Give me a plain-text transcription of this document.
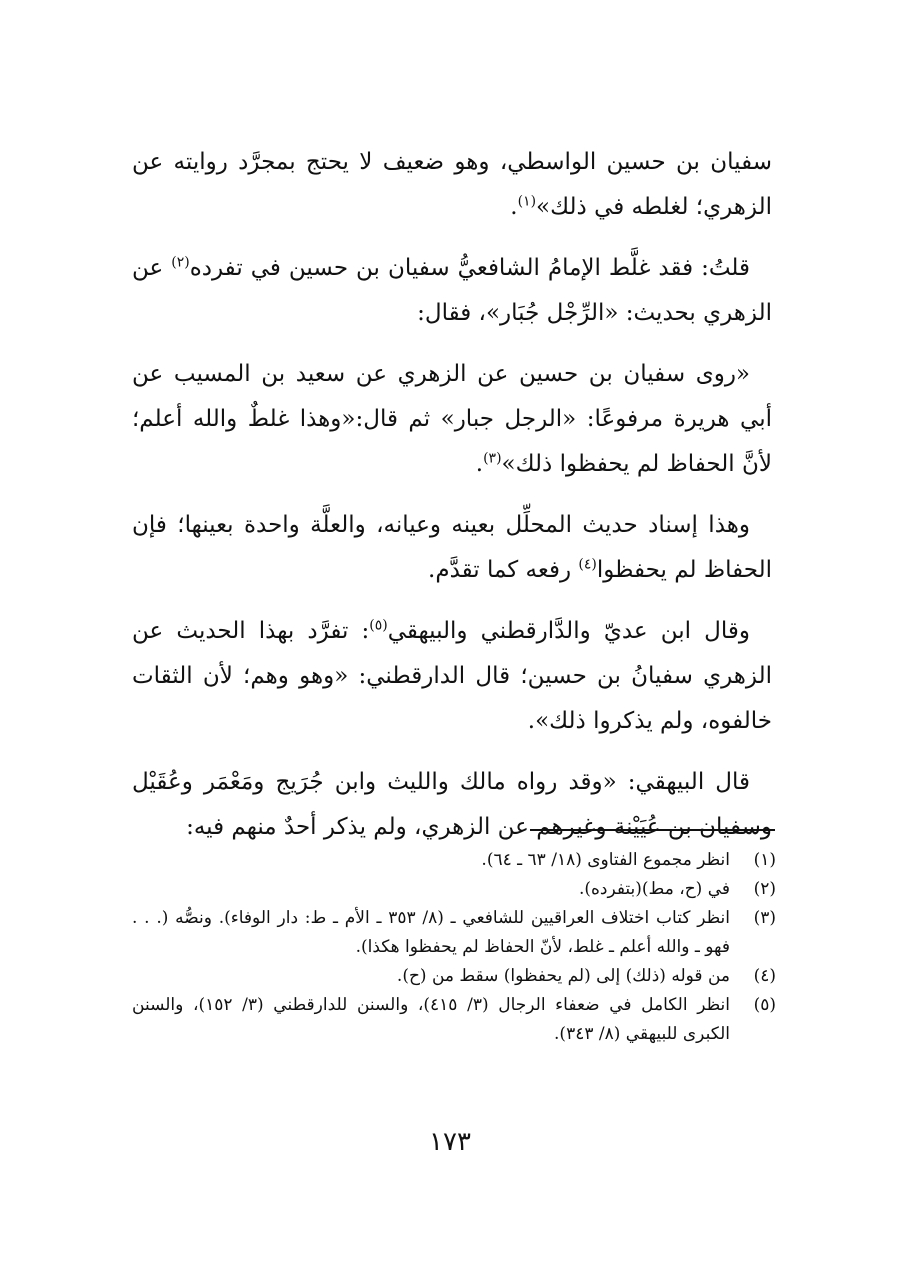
سفيان بن حسين الواسطي، وهو ضعيف لا يحتج بمجرَّد روايته عن الزهري؛ لغلطه في ذلك»$^{(١)}$.

قلتُ: فقد غلَّط الإمامُ الشافعيُّ سفيان بن حسين في تفرده$^{(٢)}$ عن الزهري بحديث: «الرِّجْل جُبَار»، فقال:

«روى سفيان بن حسين عن الزهري عن سعيد بن المسيب عن أبي هريرة مرفوعًا: «الرجل جبار» ثم قال:«وهذا غلطٌ والله أعلم؛ لأنَّ الحفاظ لم يحفظوا ذلك»$^{(٣)}$.

وهذا إسناد حديث المحلِّل بعينه وعيانه، والعلَّة واحدة بعينها؛ فإن الحفاظ لم يحفظوا$^{(٤)}$ رفعه كما تقدَّم.

وقال ابن عديّ والدَّارقطني والبيهقي$^{(٥)}$: تفرَّد بهذا الحديث عن الزهري سفيانُ بن حسين؛ قال الدارقطني: «وهو وهم؛ لأن الثقات خالفوه، ولم يذكروا ذلك».

قال البيهقي: «وقد رواه مالك والليث وابن جُرَيج ومَعْمَر وعُقَيْل وسفيان بن عُيَيْنة وغيرهم عن الزهري، ولم يذكر أحدٌ منهم فيه:

(١)
انظر مجموع الفتاوى (١٨/ ٦٣ ـ ٦٤).
(٢)
في (ح، مط)(بتفرده).
(٣)
انظر كتاب اختلاف العراقيين للشافعي ـ (٨/ ٣٥٣ ـ الأم ـ ط: دار الوفاء). ونصُّه (. . . فهو ـ والله أعلم ـ غلط، لأنّ الحفاظ لم يحفظوا هكذا).
(٤)
من قوله (ذلك) إلى (لم يحفظوا) سقط من (ح).
(٥)
انظر الكامل في ضعفاء الرجال (٣/ ٤١٥)، والسنن للدارقطني (٣/ ١٥٢)، والسنن الكبرى للبيهقي (٨/ ٣٤٣).
١٧٣
